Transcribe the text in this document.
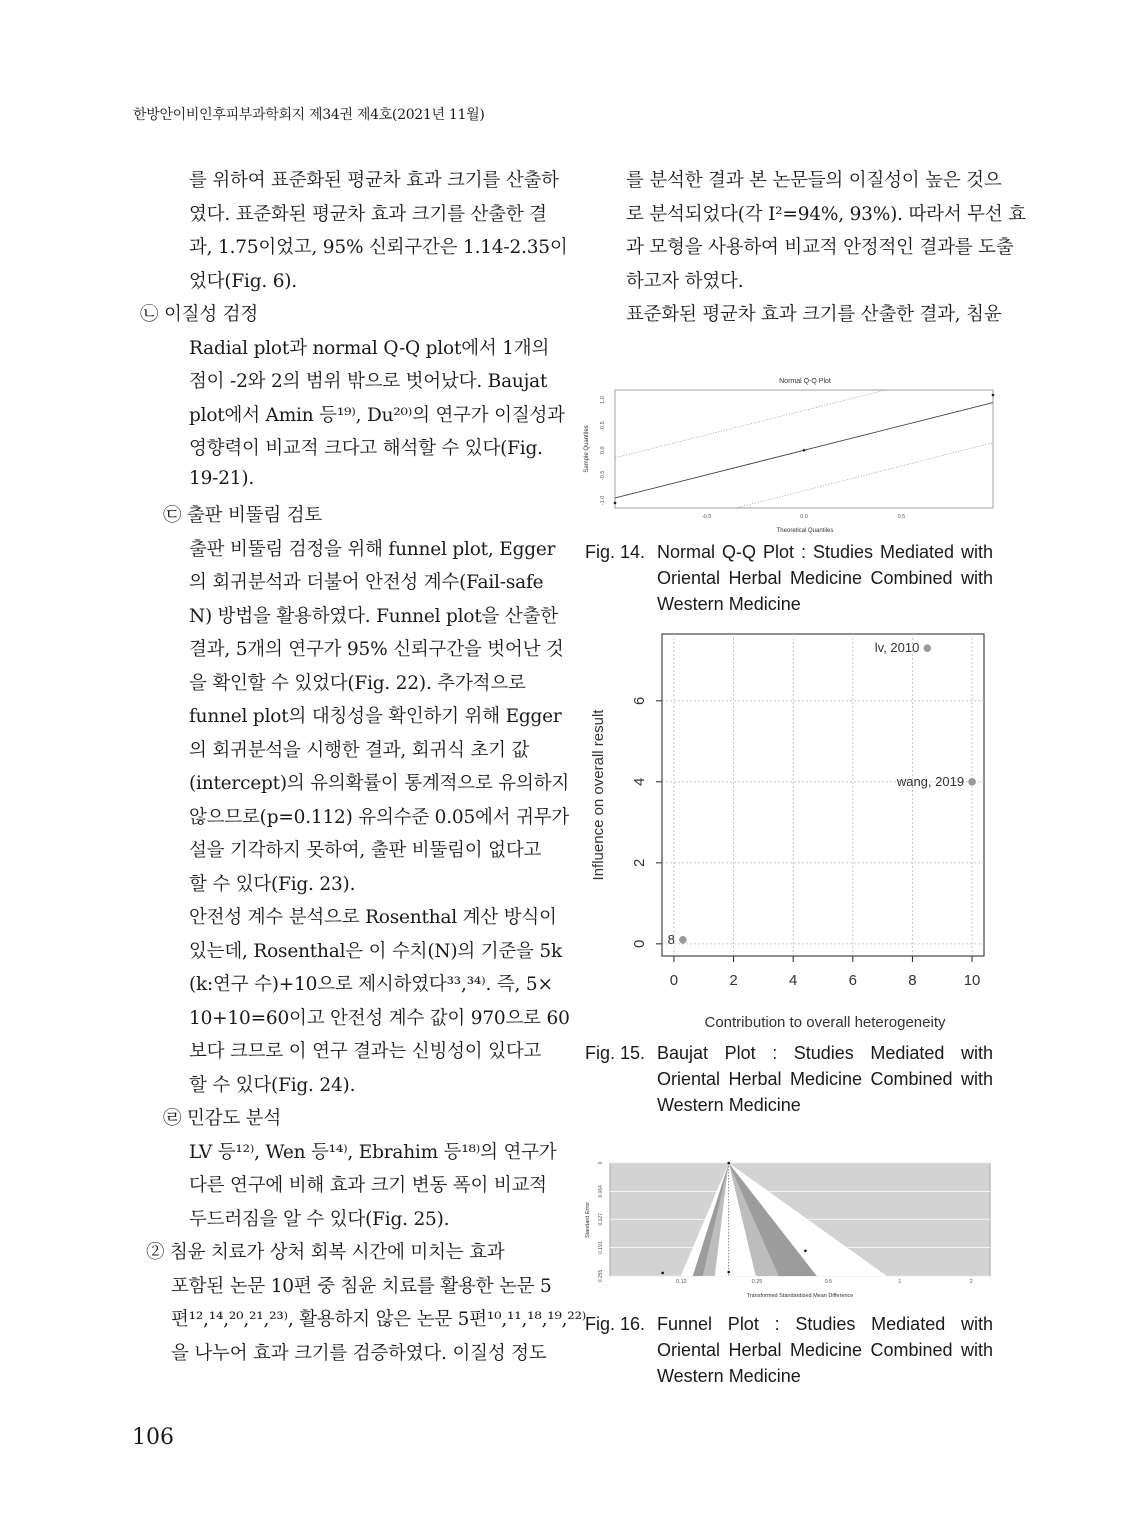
한방안이비인후피부과학회지 제34권 제4호(2021년 11월)
를 위하여 표준화된 평균차 효과 크기를 산출하
였다. 표준화된 평균차 효과 크기를 산출한 결
과, 1.75이었고, 95% 신뢰구간은 1.14-2.35이
었다(Fig. 6).
㉡ 이질성 검정
Radial plot과 normal Q-Q plot에서 1개의
점이 -2와 2의 범위 밖으로 벗어났다. Baujat
plot에서 Amin 등¹⁹⁾, Du²⁰⁾의 연구가 이질성과
영향력이 비교적 크다고 해석할 수 있다(Fig.
19-21).
㉢ 출판 비뚤림 검토
출판 비뚤림 검정을 위해 funnel plot, Egger
의 회귀분석과 더불어 안전성 계수(Fail-safe
N) 방법을 활용하였다. Funnel plot을 산출한
결과, 5개의 연구가 95% 신뢰구간을 벗어난 것
을 확인할 수 있었다(Fig. 22). 추가적으로
funnel plot의 대칭성을 확인하기 위해 Egger
의 회귀분석을 시행한 결과, 회귀식 초기 값
(intercept)의 유의확률이 통계적으로 유의하지
않으므로(p=0.112) 유의수준 0.05에서 귀무가
설을 기각하지 못하여, 출판 비뚤림이 없다고
할 수 있다(Fig. 23).
안전성 계수 분석으로 Rosenthal 계산 방식이
있는데, Rosenthal은 이 수치(N)의 기준을 5k
(k:연구 수)+10으로 제시하였다³³,³⁴⁾. 즉, 5×
10+10=60이고 안전성 계수 값이 970으로 60
보다 크므로 이 연구 결과는 신빙성이 있다고
할 수 있다(Fig. 24).
㉣ 민감도 분석
LV 등¹²⁾, Wen 등¹⁴⁾, Ebrahim 등¹⁸⁾의 연구가
다른 연구에 비해 효과 크기 변동 폭이 비교적
두드러짐을 알 수 있다(Fig. 25).
② 침윤 치료가 상처 회복 시간에 미치는 효과
포함된 논문 10편 중 침윤 치료를 활용한 논문 5
편¹²,¹⁴,²⁰,²¹,²³⁾, 활용하지 않은 논문 5편¹⁰,¹¹,¹⁸,¹⁹,²²⁾
을 나누어 효과 크기를 검증하였다. 이질성 정도
를 분석한 결과 본 논문들의 이질성이 높은 것으
로 분석되었다(각 I²=94%, 93%). 따라서 무선 효
과 모형을 사용하여 비교적 안정적인 결과를 도출
하고자 하였다.
표준화된 평균차 효과 크기를 산출한 결과, 침윤
Normal Q-Q Plot
-0.5	0.0	0.5
-1.0
-0.5
0.0
0.5
1.0
Theoretical Quantiles
Sample Quantiles
Fig. 14. Normal Q-Q Plot : Studies Mediated with Oriental Herbal Medicine Combined with Western Medicine
lv, 2010
wang, 2019
8
0	2	4	6	8	10
0
2
4
6
Contribution to overall heterogeneity
Influence on overall result
Fig. 15. Baujat Plot : Studies Mediated with Oriental Herbal Medicine Combined with Western Medicine
0.12	0.25	0.5	1	2
0
0.064
0.127
0.191
0.255
Transformed Standardized Mean Difference
Standard Error
Fig. 16. Funnel Plot : Studies Mediated with Oriental Herbal Medicine Combined with Western Medicine
106
